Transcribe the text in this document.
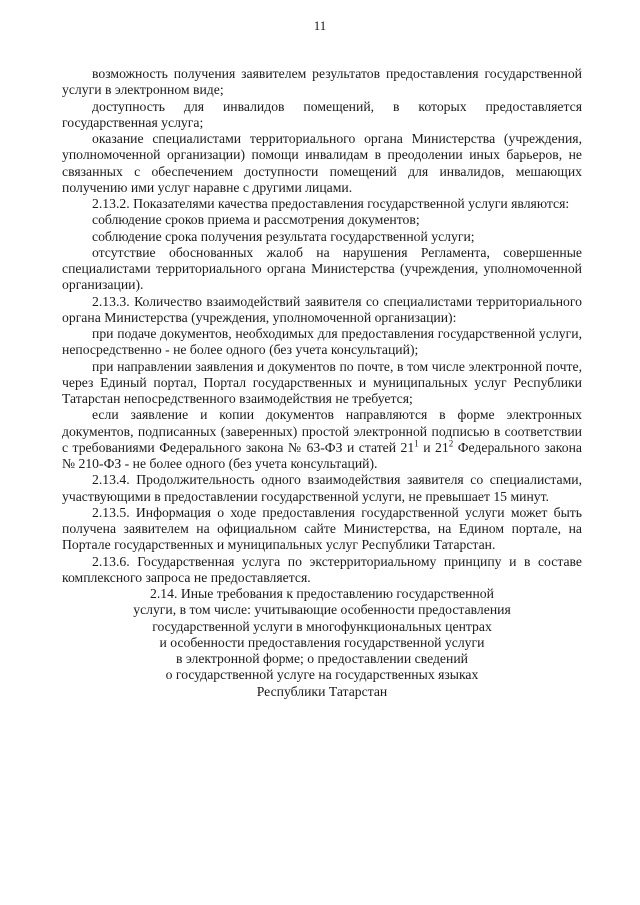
11

возможность получения заявителем результатов предоставления государственной услуги в электронном виде;

доступность для инвалидов помещений, в которых предоставляется государственная услуга;

оказание специалистами территориального органа Министерства (учреждения, уполномоченной организации) помощи инвалидам в преодолении иных барьеров, не связанных с обеспечением доступности помещений для инвалидов, мешающих получению ими услуг наравне с другими лицами.

2.13.2. Показателями качества предоставления государственной услуги являются:

соблюдение сроков приема и рассмотрения документов;

соблюдение срока получения результата государственной услуги;

отсутствие обоснованных жалоб на нарушения Регламента, совершенные специалистами территориального органа Министерства (учреждения, уполномоченной организации).

2.13.3. Количество взаимодействий заявителя со специалистами территориального органа Министерства (учреждения, уполномоченной организации):

при подаче документов, необходимых для предоставления государственной услуги, непосредственно - не более одного (без учета консультаций);

при направлении заявления и документов по почте, в том числе электронной почте, через Единый портал, Портал государственных и муниципальных услуг Республики Татарстан непосредственного взаимодействия не требуется;

если заявление и копии документов направляются в форме электронных документов, подписанных (заверенных) простой электронной подписью в соответствии с требованиями Федерального закона № 63-ФЗ и статей $21^1$ и $21^2$ Федерального закона № 210-ФЗ - не более одного (без учета консультаций).

2.13.4. Продолжительность одного взаимодействия заявителя со специалистами, участвующими в предоставлении государственной услуги, не превышает 15 минут.

2.13.5. Информация о ходе предоставления государственной услуги может быть получена заявителем на официальном сайте Министерства, на Едином портале, на Портале государственных и муниципальных услуг Республики Татарстан.

2.13.6. Государственная услуга по экстерриториальному принципу и в составе комплексного запроса не предоставляется.

2.14. Иные требования к предоставлению государственной
услуги, в том числе: учитывающие особенности предоставления
государственной услуги в многофункциональных центрах
и особенности предоставления государственной услуги
в электронной форме; о предоставлении сведений
о государственной услуге на государственных языках
Республики Татарстан
